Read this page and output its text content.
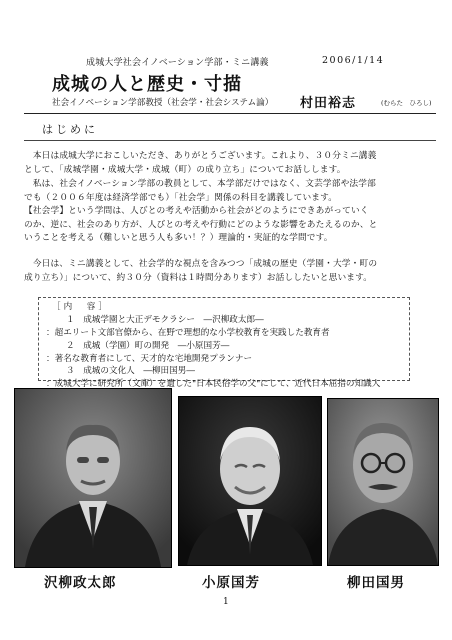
成城大学社会イノベーション学部・ミニ講義	2006/1/14
成城の人と歴史・寸描
社会イノベーション学部教授（社会学・社会システム論） 村田裕志	(むらた　ひろし)
はじめに
　本日は成城大学におこしいただき、ありがとうございます。これより、３０分ミニ講義
として、「成城学園・成城大学・成城（町）の成り立ち」についてお話しします。
　私は、社会イノベーション学部の教員として、本学部だけではなく、文芸学部や法学部
でも（２００６年度は経済学部でも）「社会学」関係の科目を講義しています。
【社会学】という学問は、人びとの考えや活動から社会がどのようにできあがっていく
のか、逆に、社会のあり方が、人びとの考えや行動にどのような影響をあたえるのか、と
いうことを考える（難しいと思う人も多い！？）理論的・実証的な学問です。
　今日は、ミニ講義として、社会学的な視点を含みつつ「成城の歴史（学園・大学・町の
成り立ち）」について、約３０分（資料は１時間分あります）お話ししたいと思います。
［内　容］
１　成城学園と大正デモクラシー　―沢柳政太郎―
：超エリート文部官僚から、在野で理想的な小学校教育を実践した教育者
２　成城（学園）町の開発　―小原国芳―
：著名な教育者にして、天才的な宅地開発プランナー
３　成城の文化人　―柳田国男―
：成城大学に研究所（文庫）を遺した"日本民俗学の父"にして、近代日本屈指の知識人
沢柳政太郎	小原国芳	柳田国男
1
